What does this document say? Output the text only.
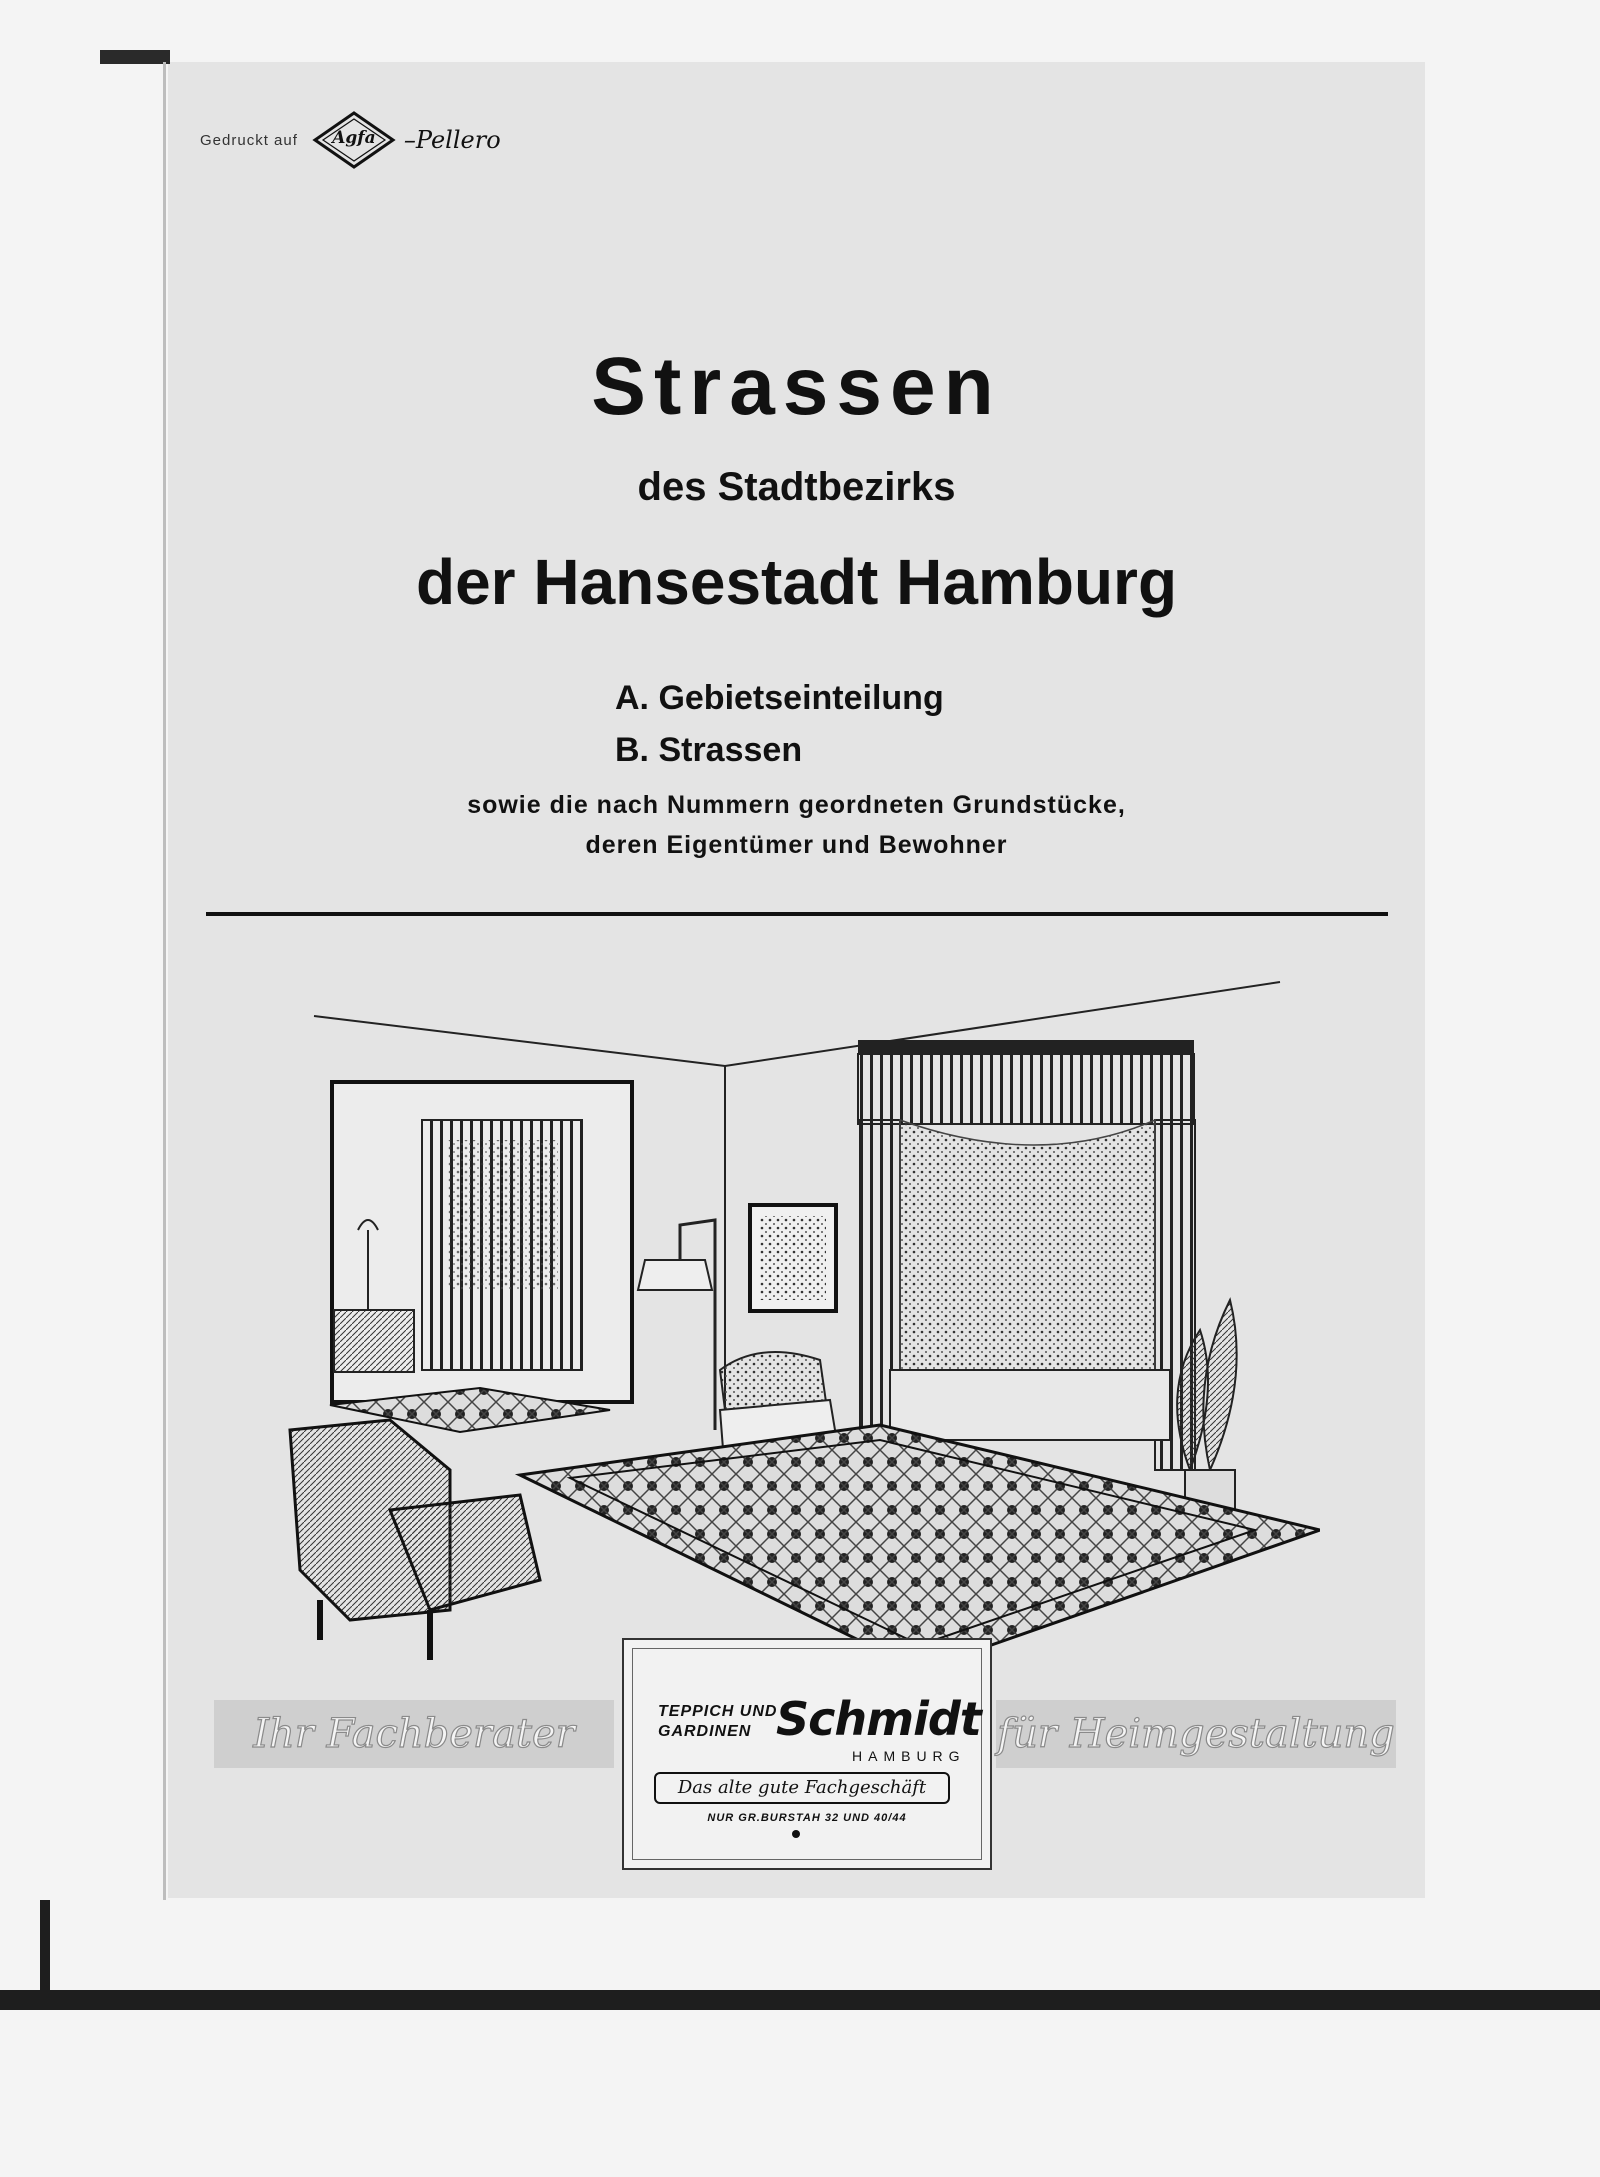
Gedruckt auf	Agfa	–Pellero
Strassen
des Stadtbezirks
der Hansestadt Hamburg
A. Gebietseinteilung
B. Strassen
sowie die nach Nummern geordneten Grundstücke,
deren Eigentümer und Bewohner
Ihr Fachberater	für Heimgestaltung
TEPPICH UND
GARDINEN Schmidt
HAMBURG
Das alte gute Fachgeschäft
NUR GR.BURSTAH 32 UND 40/44
